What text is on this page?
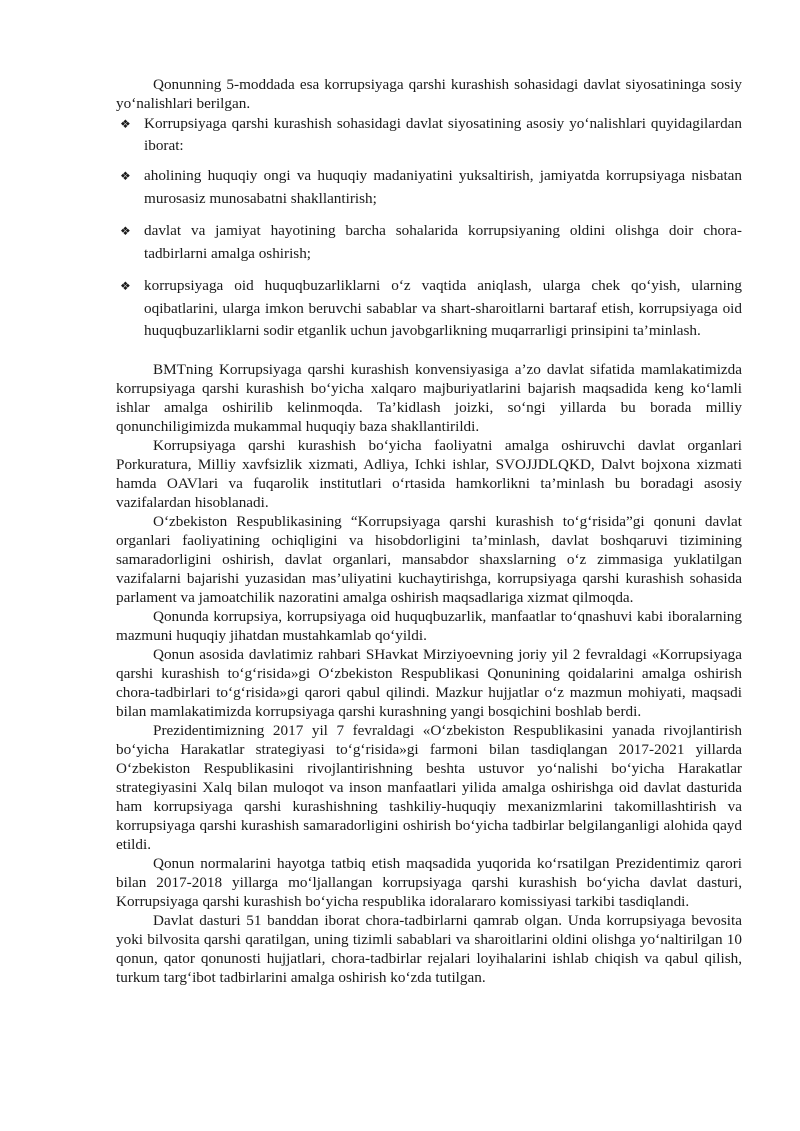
Qonunning 5-moddada esa korrupsiyaga qarshi kurashish sohasidagi davlat siyosatininga sosiy yo‘nalishlari berilgan.

❖ Korrupsiyaga qarshi kurashish sohasidagi davlat siyosatining asosiy yo‘nalishlari quyidagilardan iborat:
❖ aholining huquqiy ongi va huquqiy madaniyatini yuksaltirish, jamiyatda korrupsiyaga nisbatan murosasiz munosabatni shakllantirish;
❖ davlat va jamiyat hayotining barcha sohalarida korrupsiyaning oldini olishga doir chora-tadbirlarni amalga oshirish;
❖ korrupsiyaga oid huquqbuzarliklarni o‘z vaqtida aniqlash, ularga chek qo‘yish, ularning oqibatlarini, ularga imkon beruvchi sabablar va shart-sharoitlarni bartaraf etish, korrupsiyaga oid huquqbuzarliklarni sodir etganlik uchun javobgarlikning muqarrarligi prinsipini ta’minlash.

BMTning Korrupsiyaga qarshi kurashish konvensiyasiga a’zo davlat sifatida mamlakatimizda korrupsiyaga qarshi kurashish bo‘yicha xalqaro majburiyatlarini bajarish maqsadida keng ko‘lamli ishlar amalga oshirilib kelinmoqda. Ta’kidlash joizki, so‘ngi yillarda bu borada milliy qonunchiligimizda mukammal huquqiy baza shakllantirildi.

Korrupsiyaga qarshi kurashish bo‘yicha faoliyatni amalga oshiruvchi davlat organlari Porkuratura, Milliy xavfsizlik xizmati, Adliya, Ichki ishlar, SVOJJDLQKD, Dalvt bojxona xizmati hamda OAVlari va fuqarolik institutlari o‘rtasida hamkorlikni ta’minlash bu boradagi asosiy vazifalardan hisoblanadi.

O‘zbekiston Respublikasining “Korrupsiyaga qarshi kurashish to‘g‘risida”gi qonuni davlat organlari faoliyatining ochiqligini va hisobdorligini ta’minlash, davlat boshqaruvi tizimining samaradorligini oshirish, davlat organlari, mansabdor shaxslarning o‘z zimmasiga yuklatilgan vazifalarni bajarishi yuzasidan mas’uliyatini kuchaytirishga, korrupsiyaga qarshi kurashish sohasida parlament va jamoatchilik nazoratini amalga oshirish maqsadlariga xizmat qilmoqda.

Qonunda korrupsiya, korrupsiyaga oid huquqbuzarlik, manfaatlar to‘qnashuvi kabi iboralarning mazmuni huquqiy jihatdan mustahkamlab qo‘yildi.

Qonun asosida davlatimiz rahbari SHavkat Mirziyoevning joriy yil 2 fevraldagi «Korrupsiyaga qarshi kurashish to‘g‘risida»gi O‘zbekiston Respublikasi Qonunining qoidalarini amalga oshirish chora-tadbirlari to‘g‘risida»gi qarori qabul qilindi. Mazkur hujjatlar o‘z mazmun mohiyati, maqsadi bilan mamlakatimizda korrupsiyaga qarshi kurashning yangi bosqichini boshlab berdi.

Prezidentimizning 2017 yil 7 fevraldagi «O‘zbekiston Respublikasini yanada rivojlantirish bo‘yicha Harakatlar strategiyasi to‘g‘risida»gi farmoni bilan tasdiqlangan 2017-2021 yillarda O‘zbekiston Respublikasini rivojlantirishning beshta ustuvor yo‘nalishi bo‘yicha Harakatlar strategiyasini Xalq bilan muloqot va inson manfaatlari yilida amalga oshirishga oid davlat dasturida ham korrupsiyaga qarshi kurashishning tashkiliy-huquqiy mexanizmlarini takomillashtirish va korrupsiyaga qarshi kurashish samaradorligini oshirish bo‘yicha tadbirlar belgilanganligi alohida qayd etildi.

Qonun normalarini hayotga tatbiq etish maqsadida yuqorida ko‘rsatilgan Prezidentimiz qarori bilan 2017-2018 yillarga mo‘ljallangan korrupsiyaga qarshi kurashish bo‘yicha davlat dasturi, Korrupsiyaga qarshi kurashish bo‘yicha respublika idoralararo komissiyasi tarkibi tasdiqlandi.

Davlat dasturi 51 banddan iborat chora-tadbirlarni qamrab olgan. Unda korrupsiyaga bevosita yoki bilvosita qarshi qaratilgan, uning tizimli sabablari va sharoitlarini oldini olishga yo‘naltirilgan 10 qonun, qator qonunosti hujjatlari, chora-tadbirlar rejalari loyihalarini ishlab chiqish va qabul qilish, turkum targ‘ibot tadbirlarini amalga oshirish ko‘zda tutilgan.
